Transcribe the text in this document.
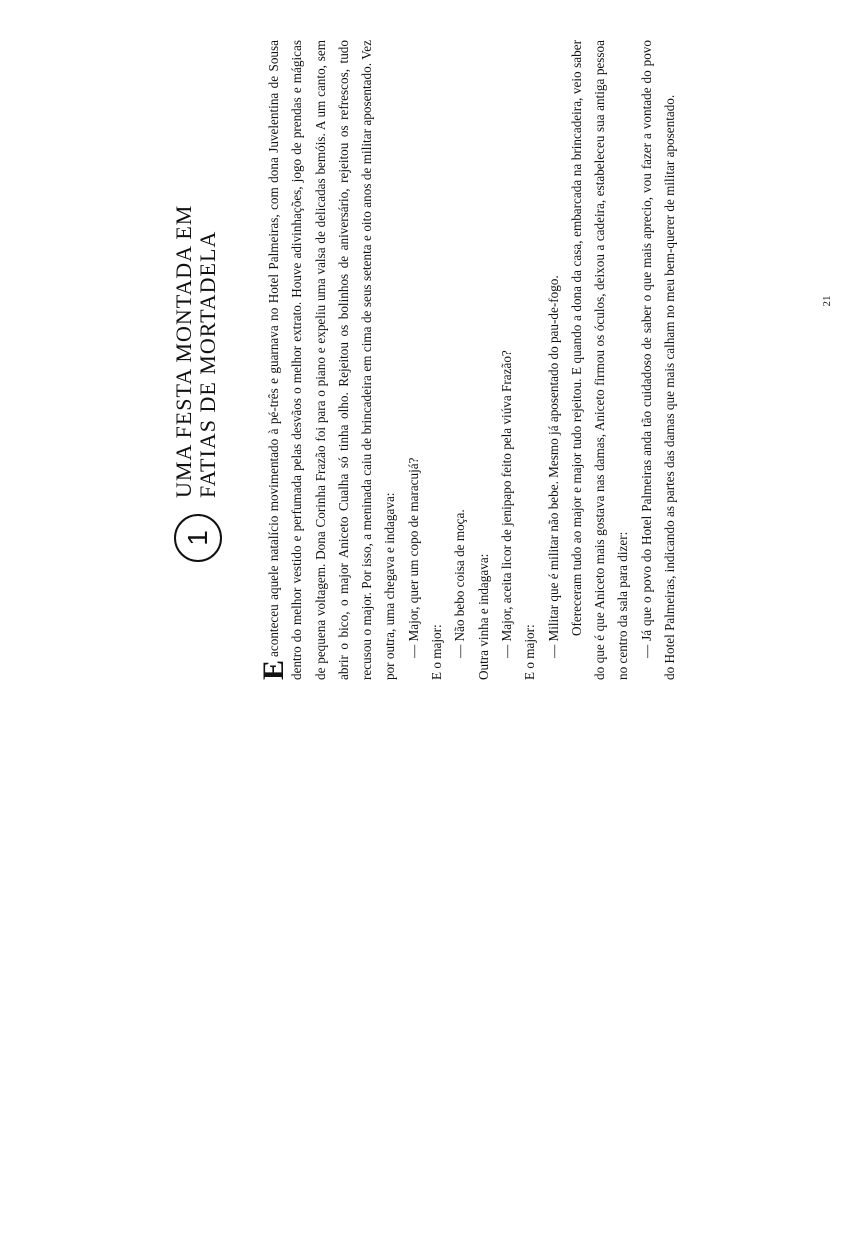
1
UMA FESTA MONTADA EM FATIAS DE MORTADELA

E
aconteceu aquele natalício movimentado à pé-três e guarnava no Hotel Palmeiras, com dona Juvelentina de Sousa dentro do melhor vestido e perfumada pelas desvãos o melhor extrato. Houve adivinhações, jogo de prendas e mágicas de pequena voltagem. Dona Corinha Frazão foi para o piano e expeliu uma valsa de delicadas bemóis. A um canto, sem abrir o bico, o major Aniceto Cualha só tinha olho. Rejeitou os bolinhos de aniversário, rejeitou os refrescos, tudo recusou o major. Por isso, a meninada caiu de brincadeira em cima de seus setenta e oito anos de militar aposentado. Vez por outra, uma chegava e indagava: — Major, quer um copo de maracujá? E o major: — Não bebo coisa de moça. Outra vinha e indagava: — Major, aceita licor de jenipapo feito pela viúva Frazão? E o major: — Militar que é militar não bebe. Mesmo já aposentado do pau-de-fogo. Ofereceram tudo ao major e major tudo rejeitou. E quando a dona da casa, embarcada na brincadeira, veio saber do que é que Aniceto mais gostava nas damas, Aniceto firmou os óculos, deixou a cadeira, estabeleceu sua antiga pessoa no centro da sala para dizer: — Já que o povo do Hotel Palmeiras anda tão cuidadoso de saber o que mais aprecio, vou fazer a vontade do povo do Hotel Palmeiras, indicando as partes das damas que mais calham no meu bem-querer de militar aposentado.	21
